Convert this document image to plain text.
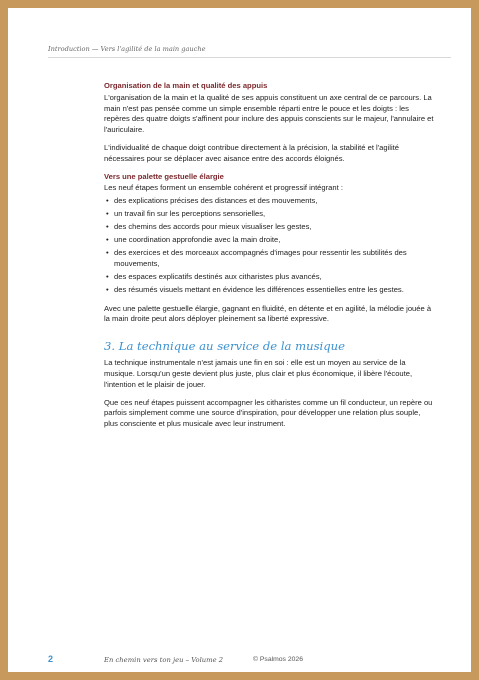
Introduction — Vers l'agilité de la main gauche
Organisation de la main et qualité des appuis

L'organisation de la main et la qualité de ses appuis constituent un axe central de ce parcours. La main n'est pas pensée comme un simple ensemble réparti entre le pouce et les doigts : les repères des quatre doigts s'affinent pour inclure des appuis conscients sur le majeur, l'annulaire et l'auriculaire.

L'individualité de chaque doigt contribue directement à la précision, la stabilité et l'agilité nécessaires pour se déplacer avec aisance entre des accords éloignés.

Vers une palette gestuelle élargie

Les neuf étapes forment un ensemble cohérent et progressif intégrant :

• des explications précises des distances et des mouvements,
• un travail fin sur les perceptions sensorielles,
• des chemins des accords pour mieux visualiser les gestes,
• une coordination approfondie avec la main droite,
• des exercices et des morceaux accompagnés d'images pour ressentir les subtilités des mouvements,
• des espaces explicatifs destinés aux citharistes plus avancés,
• des résumés visuels mettant en évidence les différences essentielles entre les gestes.

Avec une palette gestuelle élargie, gagnant en fluidité, en détente et en agilité, la mélodie jouée à la main droite peut alors déployer pleinement sa liberté expressive.

3. La technique au service de la musique

La technique instrumentale n'est jamais une fin en soi : elle est un moyen au service de la musique. Lorsqu'un geste devient plus juste, plus clair et plus économique, il libère l'écoute, l'intention et le plaisir de jouer.

Que ces neuf étapes puissent accompagner les citharistes comme un fil conducteur, un repère ou parfois simplement comme une source d'inspiration, pour développer une relation plus souple, plus consciente et plus musicale avec leur instrument.

2	En chemin vers ton jeu – Volume 2	© Psalmos 2026
